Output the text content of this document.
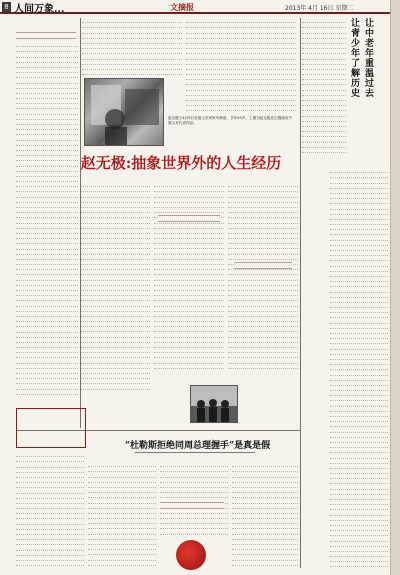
8 人间万象...	文摘报	2013年 4月 16日 星期二
赵无极于4月9日在瑞士沃州家中病逝，享年93岁。上图为赵无极在巴黎画室中 展示其代表作品。
赵无极:抽象世界外的人生经历
让中老年重温过去
让青少年了解历史
“杜勒斯拒绝同周总理握手”是真是假
